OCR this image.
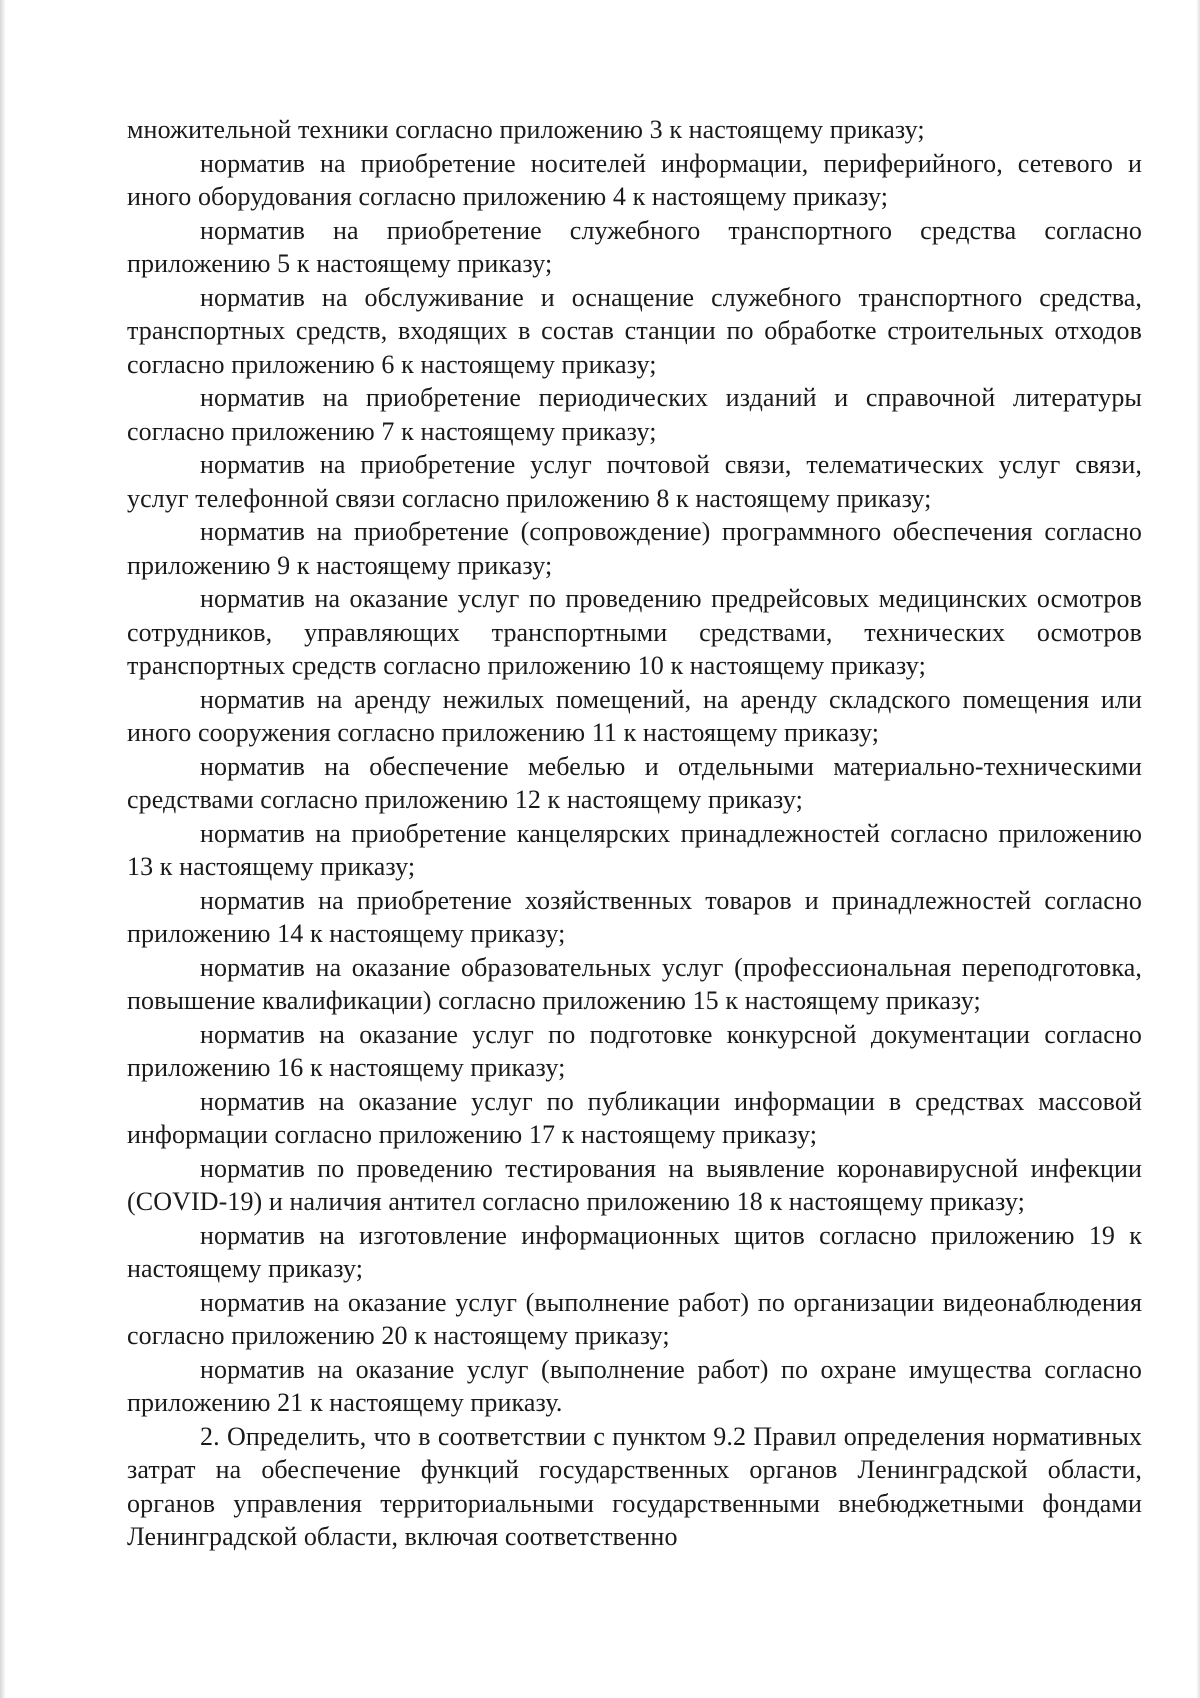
множительной техники согласно приложению 3 к настоящему приказу;

норматив на приобретение носителей информации, периферийного, сетевого и иного оборудования согласно приложению 4 к настоящему приказу;

норматив на приобретение служебного транспортного средства согласно приложению 5 к настоящему приказу;

норматив на обслуживание и оснащение служебного транспортного средства, транспортных средств, входящих в состав станции по обработке строительных отходов согласно приложению 6 к настоящему приказу;

норматив на приобретение периодических изданий и справочной литературы согласно приложению 7 к настоящему приказу;

норматив на приобретение услуг почтовой связи, телематических услуг связи, услуг телефонной связи согласно приложению 8 к настоящему приказу;

норматив на приобретение (сопровождение) программного обеспечения согласно приложению 9 к настоящему приказу;

норматив на оказание услуг по проведению предрейсовых медицинских осмотров сотрудников, управляющих транспортными средствами, технических осмотров транспортных средств согласно приложению 10 к настоящему приказу;

норматив на аренду нежилых помещений, на аренду складского помещения или иного сооружения согласно приложению 11 к настоящему приказу;

норматив на обеспечение мебелью и отдельными материально-техническими средствами согласно приложению 12 к настоящему приказу;

норматив на приобретение канцелярских принадлежностей согласно приложению 13 к настоящему приказу;

норматив на приобретение хозяйственных товаров и принадлежностей согласно приложению 14 к настоящему приказу;

норматив на оказание образовательных услуг (профессиональная переподготовка, повышение квалификации) согласно приложению 15 к настоящему приказу;

норматив на оказание услуг по подготовке конкурсной документации согласно приложению 16 к настоящему приказу;

норматив на оказание услуг по публикации информации в средствах массовой информации согласно приложению 17 к настоящему приказу;

норматив по проведению тестирования на выявление коронавирусной инфекции (COVID-19) и наличия антител согласно приложению 18 к настоящему приказу;

норматив на изготовление информационных щитов согласно приложению 19 к настоящему приказу;

норматив на оказание услуг (выполнение работ) по организации видеонаблюдения согласно приложению 20 к настоящему приказу;

норматив на оказание услуг (выполнение работ) по охране имущества согласно приложению 21 к настоящему приказу.

2. Определить, что в соответствии с пунктом 9.2 Правил определения нормативных затрат на обеспечение функций государственных органов Ленинградской области, органов управления территориальными государственными внебюджетными фондами Ленинградской области, включая соответственно
